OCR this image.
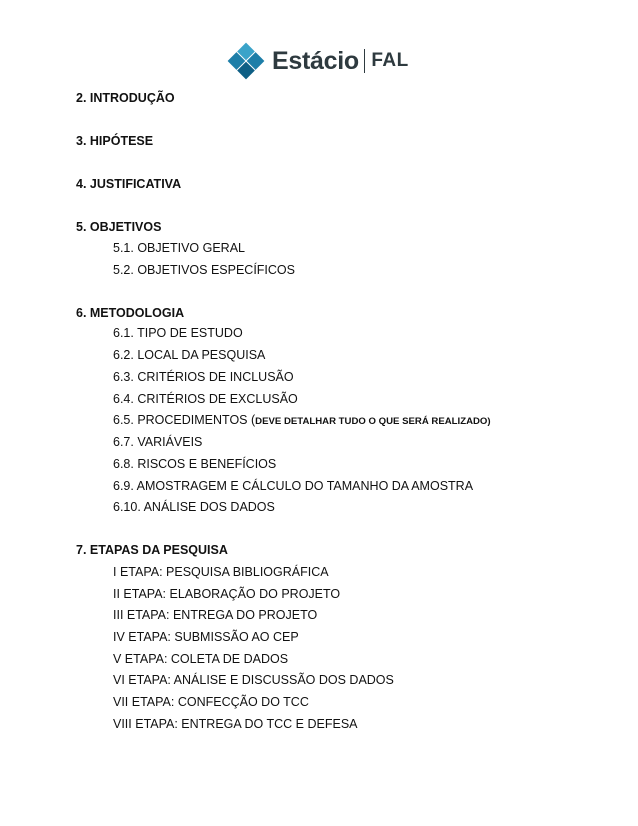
Estácio FAL
2. INTRODUÇÃO
3. HIPÓTESE
4. JUSTIFICATIVA
5. OBJETIVOS
5.1. OBJETIVO GERAL
5.2. OBJETIVOS ESPECÍFICOS
6. METODOLOGIA
6.1. TIPO DE ESTUDO
6.2. LOCAL DA PESQUISA
6.3. CRITÉRIOS DE INCLUSÃO
6.4. CRITÉRIOS DE EXCLUSÃO
6.5. PROCEDIMENTOS (DEVE DETALHAR TUDO O QUE SERÁ REALIZADO)
6.7. VARIÁVEIS
6.8. RISCOS E BENEFÍCIOS
6.9. AMOSTRAGEM E CÁLCULO DO TAMANHO DA AMOSTRA
6.10. ANÁLISE DOS DADOS
7. ETAPAS DA PESQUISA
I ETAPA: PESQUISA BIBLIOGRÁFICA
II ETAPA: ELABORAÇÃO DO PROJETO
III ETAPA: ENTREGA DO PROJETO
IV ETAPA: SUBMISSÃO AO CEP
V ETAPA: COLETA DE DADOS
VI ETAPA: ANÁLISE E DISCUSSÃO DOS DADOS
VII ETAPA: CONFECÇÃO DO TCC
VIII ETAPA: ENTREGA DO TCC E DEFESA
